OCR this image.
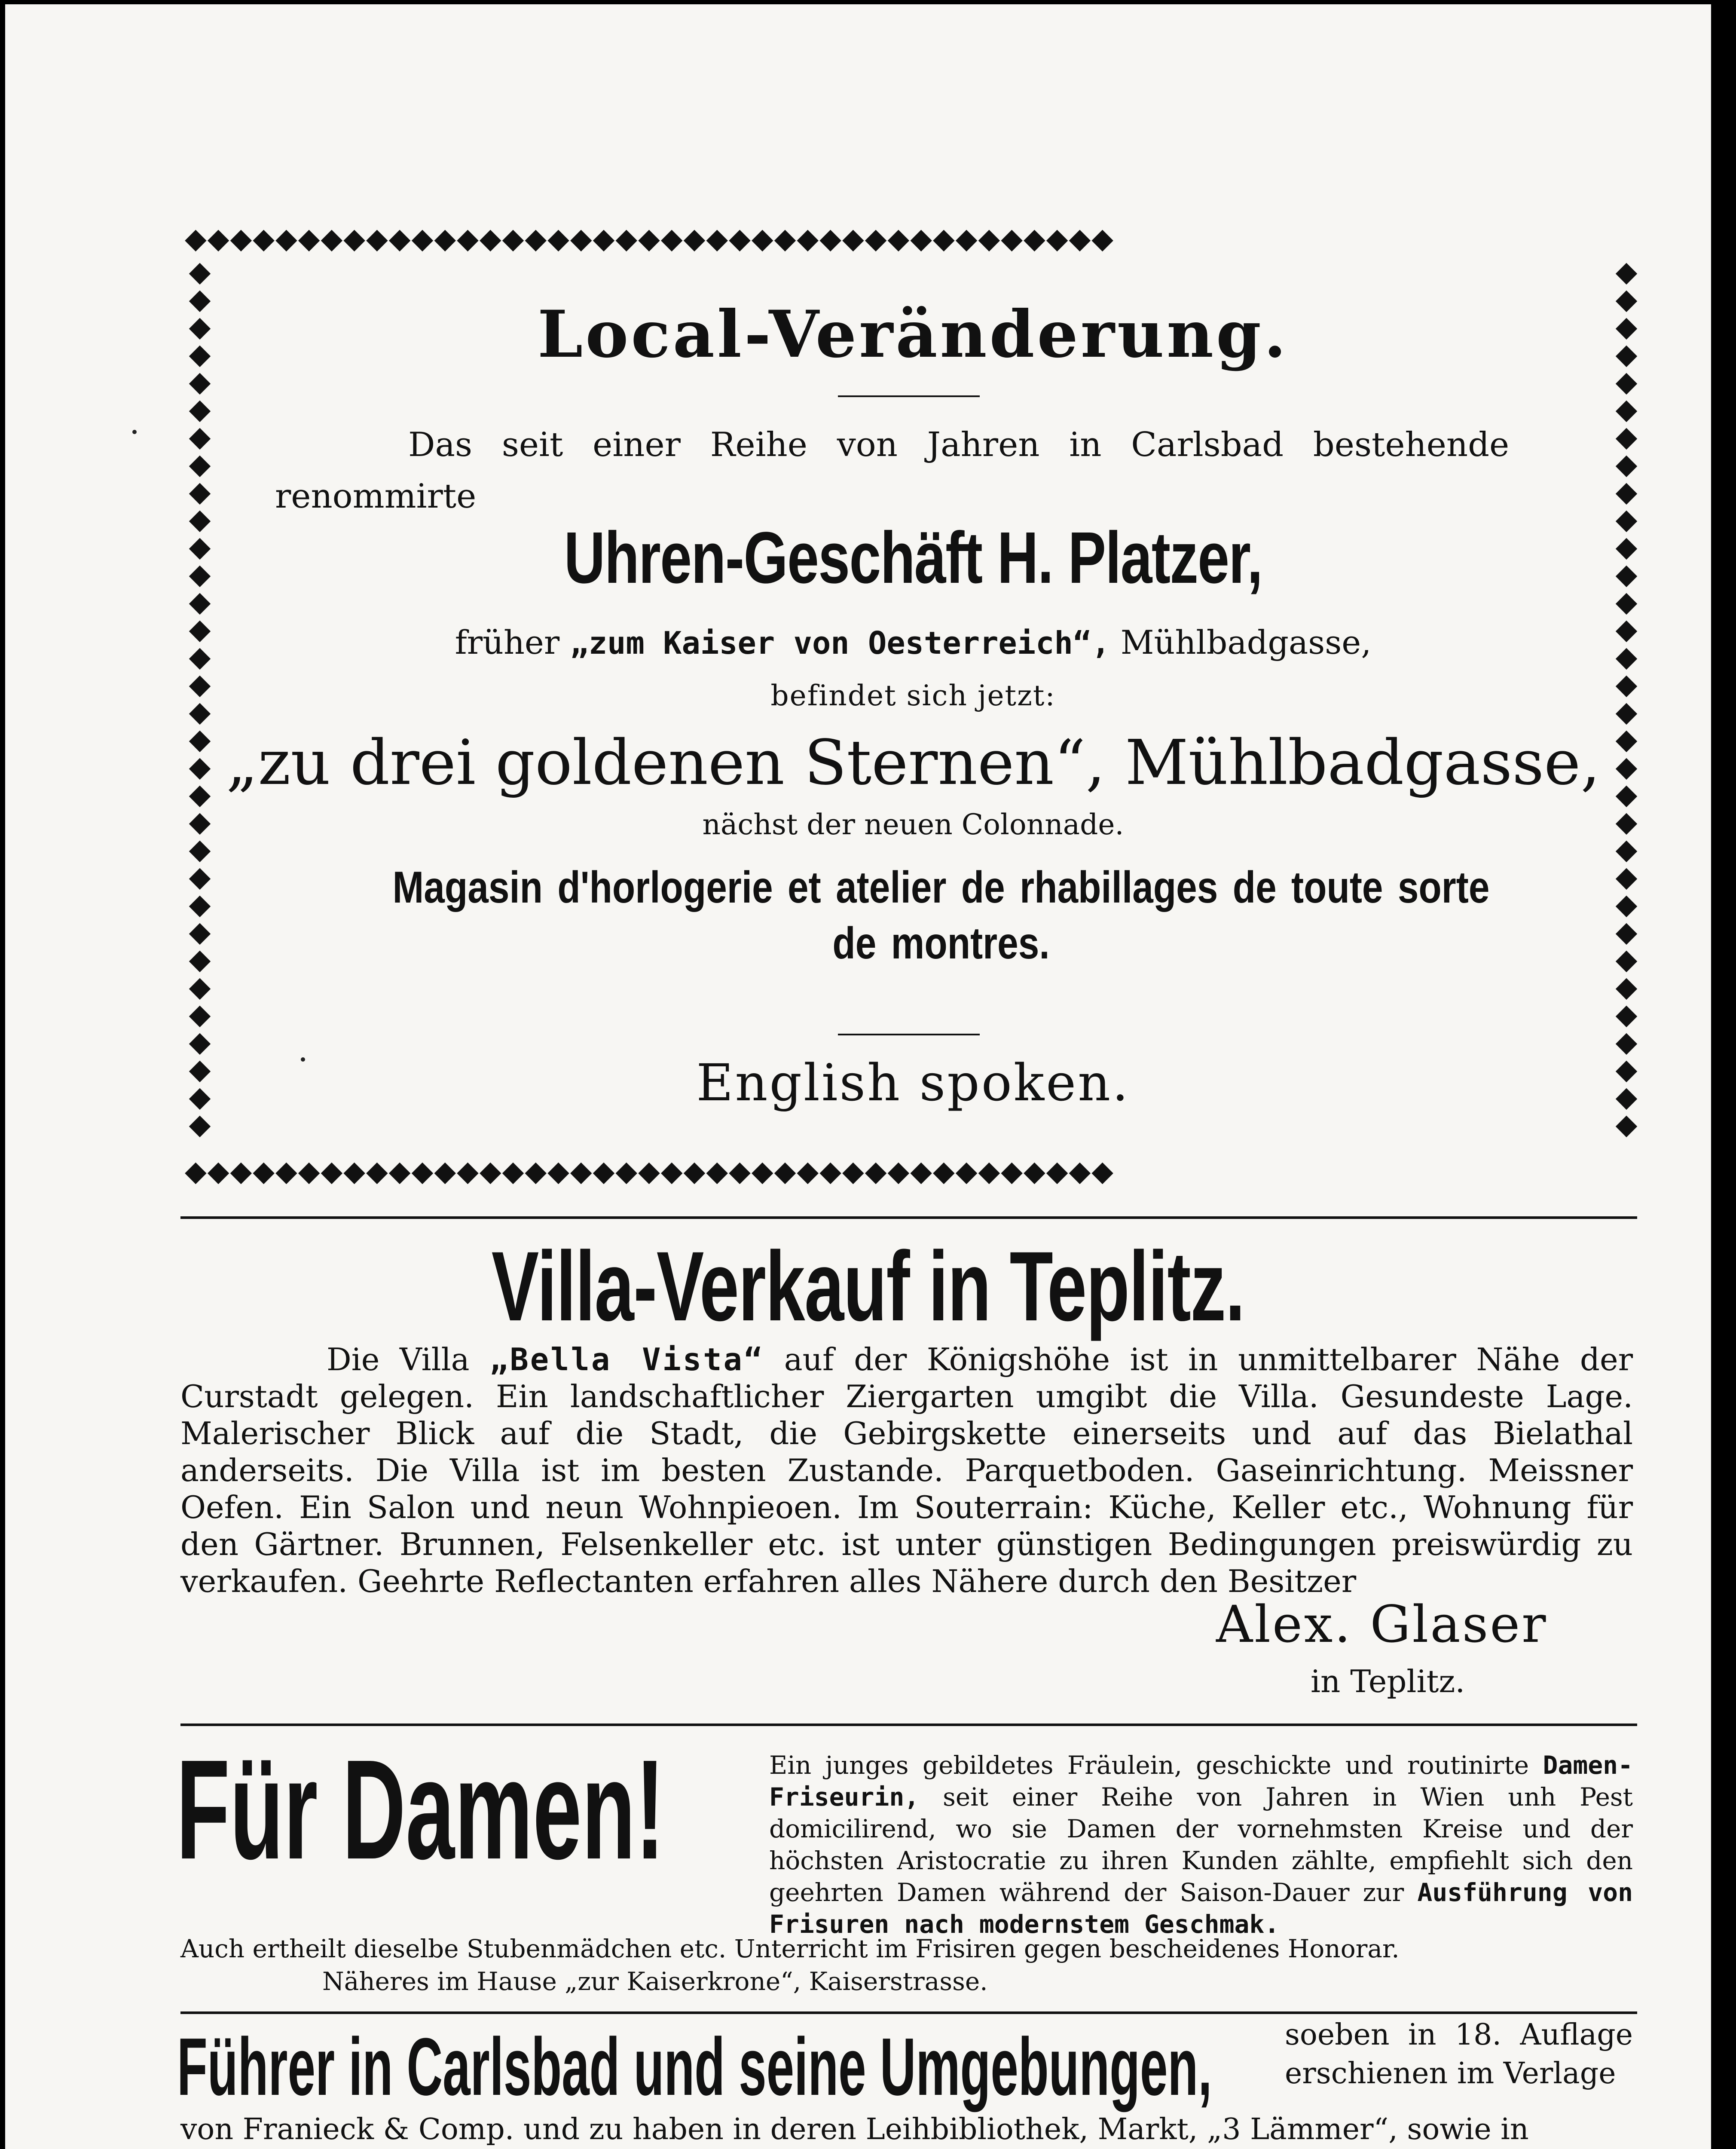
◆◆◆◆◆◆◆◆◆◆◆◆◆◆◆◆◆◆◆◆◆◆◆◆◆◆◆◆◆◆◆◆◆◆◆◆◆◆◆◆◆
◆◆◆◆◆◆◆◆◆◆◆◆◆◆◆◆◆◆◆◆◆◆◆◆◆◆◆◆◆◆◆◆◆◆◆◆◆◆◆◆◆
◆◆◆◆◆◆◆◆◆◆◆◆◆◆◆◆◆◆◆◆◆◆◆◆◆◆◆◆◆◆◆◆
◆◆◆◆◆◆◆◆◆◆◆◆◆◆◆◆◆◆◆◆◆◆◆◆◆◆◆◆◆◆◆◆
Local-Veränderung.
Das seit einer Reihe von Jahren in Carlsbad bestehende
renommirte
Uhren-Geschäft H. Platzer,
früher „zum Kaiser von Oesterreich“, Mühlbadgasse,
befindet sich jetzt:
„zu drei goldenen Sternen“, Mühlbadgasse,
nächst der neuen Colonnade.
Magasin d'horlogerie et atelier de rhabillages de toute sorte de montres.
English spoken.
Villa-Verkauf in Teplitz.
Die Villa „Bella Vista“ auf der Königshöhe ist in unmittelbarer Nähe der Curstadt gelegen. Ein landschaftlicher Ziergarten umgibt die Villa. Gesundeste Lage. Malerischer Blick auf die Stadt, die Gebirgskette einerseits und auf das Bielathal anderseits. Die Villa ist im besten Zustande. Parquetboden. Gaseinrichtung. Meissner Oefen. Ein Salon und neun Wohnpieoen. Im Souterrain: Küche, Keller etc., Wohnung für den Gärtner. Brunnen, Felsenkeller etc. ist unter günstigen Bedingungen preiswürdig zu verkaufen. Geehrte Reflectanten erfahren alles Nähere durch den Besitzer
Alex. Glaser
in Teplitz.
Für Damen!	Ein junges gebildetes Fräulein, geschickte und routinirte Damen-Friseurin, seit einer Reihe von Jahren in Wien unh Pest domicilirend, wo sie Damen der vornehmsten Kreise und der höchsten Aristocratie zu ihren Kunden zählte, empfiehlt sich den geehrten Damen während der Saison-Dauer zur Ausführung von Frisuren nach modernstem Geschmak.
Auch ertheilt dieselbe Stubenmädchen etc. Unterricht im Frisiren gegen bescheidenes Honorar.
Näheres im Hause „zur Kaiserkrone“, Kaiserstrasse.
Führer in Carlsbad und seine Umgebungen, soeben in 18. Auflage erschienen im Verlage
von Franieck & Comp. und zu haben in deren Leihbibliothek, Markt, „3 Lämmer“, sowie in
